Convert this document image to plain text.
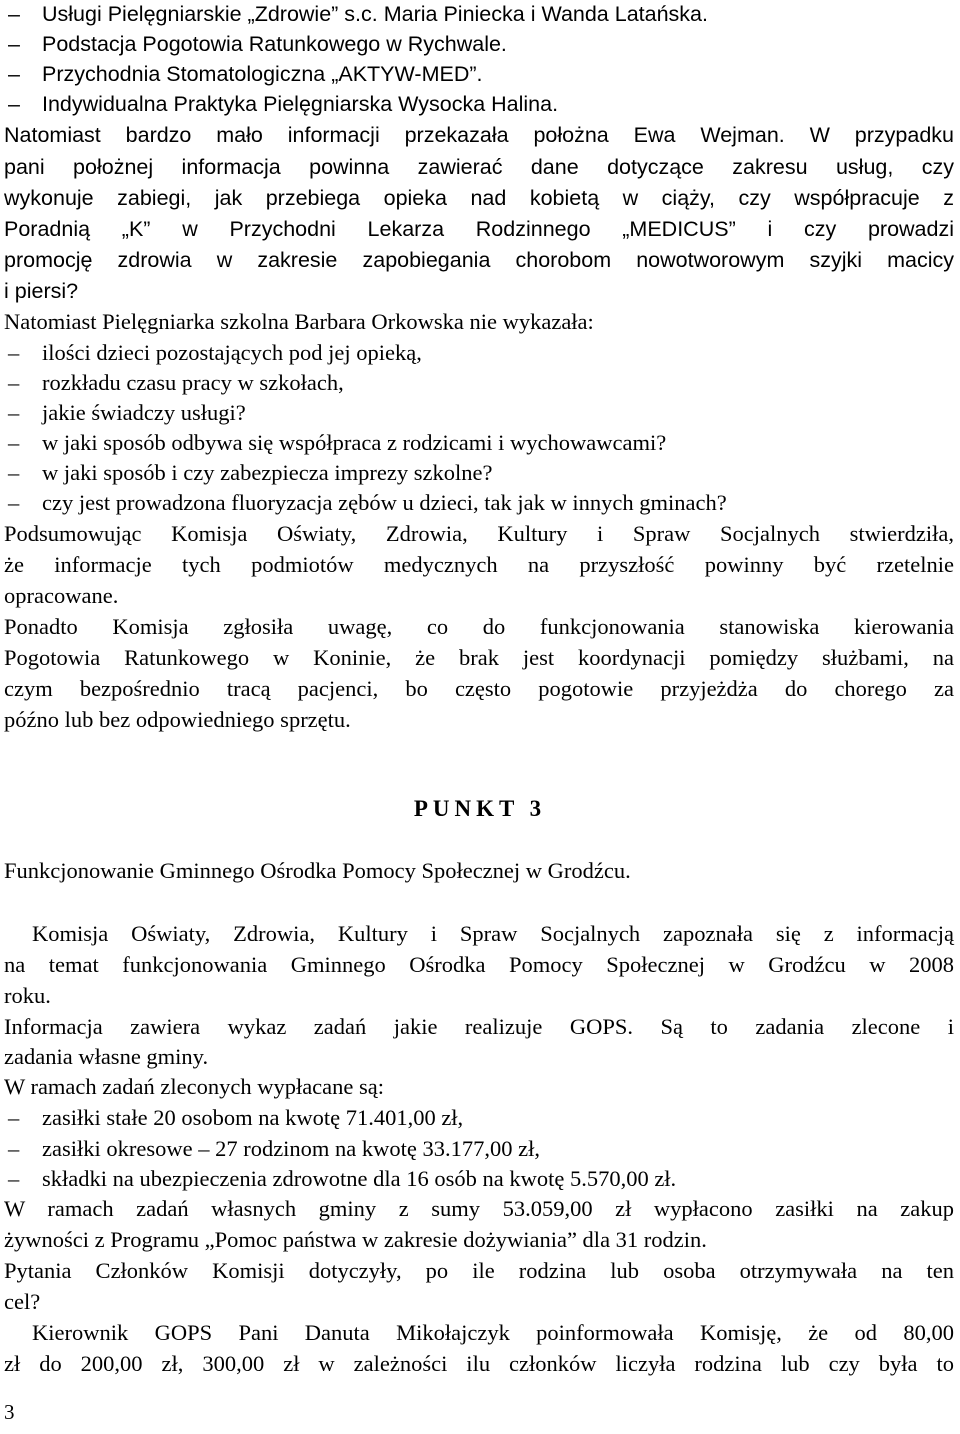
–	Usługi Pielęgniarskie „Zdrowie” s.c. Maria Piniecka i Wanda Latańska.
–	Podstacja Pogotowia Ratunkowego w Rychwale.
–	Przychodnia Stomatologiczna „AKTYW-MED”.
–	Indywidualna Praktyka Pielęgniarska Wysocka Halina.
Natomiast bardzo mało informacji przekazała położna Ewa Wejman. W przypadku
pani położnej informacja powinna zawierać dane dotyczące zakresu usług, czy
wykonuje zabiegi, jak przebiega opieka nad kobietą w ciąży, czy współpracuje z
Poradnią „K” w Przychodni Lekarza Rodzinnego „MEDICUS” i czy prowadzi
promocję zdrowia w zakresie zapobiegania chorobom nowotworowym szyjki macicy
i piersi?
Natomiast Pielęgniarka szkolna Barbara Orkowska nie wykazała:
–	ilości dzieci pozostających pod jej opieką,
–	rozkładu czasu pracy w szkołach,
–	jakie świadczy usługi?
–	w jaki sposób odbywa się współpraca z rodzicami i wychowawcami?
–	w jaki sposób i czy zabezpiecza imprezy szkolne?
–	czy jest prowadzona fluoryzacja zębów u dzieci, tak jak w innych gminach?
Podsumowując Komisja Oświaty, Zdrowia, Kultury i Spraw Socjalnych stwierdziła,
że informacje tych podmiotów medycznych na przyszłość powinny być rzetelnie
opracowane.
Ponadto Komisja zgłosiła uwagę, co do funkcjonowania stanowiska kierowania
Pogotowia Ratunkowego w Koninie, że brak jest koordynacji pomiędzy służbami, na
czym bezpośrednio tracą pacjenci, bo często pogotowie przyjeżdża do chorego za
późno lub bez odpowiedniego sprzętu.
PUNKT 3
Funkcjonowanie Gminnego Ośrodka Pomocy Społecznej w Grodźcu.
Komisja Oświaty, Zdrowia, Kultury i Spraw Socjalnych zapoznała się z informacją
na temat funkcjonowania Gminnego Ośrodka Pomocy Społecznej w Grodźcu w 2008
roku.
Informacja zawiera wykaz zadań jakie realizuje GOPS. Są to zadania zlecone i
zadania własne gminy.
W ramach zadań zleconych wypłacane są:
–	zasiłki stałe 20 osobom na kwotę 71.401,00 zł,
–	zasiłki okresowe – 27 rodzinom na kwotę 33.177,00 zł,
–	składki na ubezpieczenia zdrowotne dla 16 osób na kwotę 5.570,00 zł.
W ramach zadań własnych gminy z sumy 53.059,00 zł wypłacono zasiłki na zakup
żywności z Programu „Pomoc państwa w zakresie dożywiania” dla 31 rodzin.
Pytania Członków Komisji dotyczyły, po ile rodzina lub osoba otrzymywała na ten
cel?
Kierownik GOPS Pani Danuta Mikołajczyk poinformowała Komisję, że od 80,00
zł do 200,00 zł, 300,00 zł w zależności ilu członków liczyła rodzina lub czy była to
3
